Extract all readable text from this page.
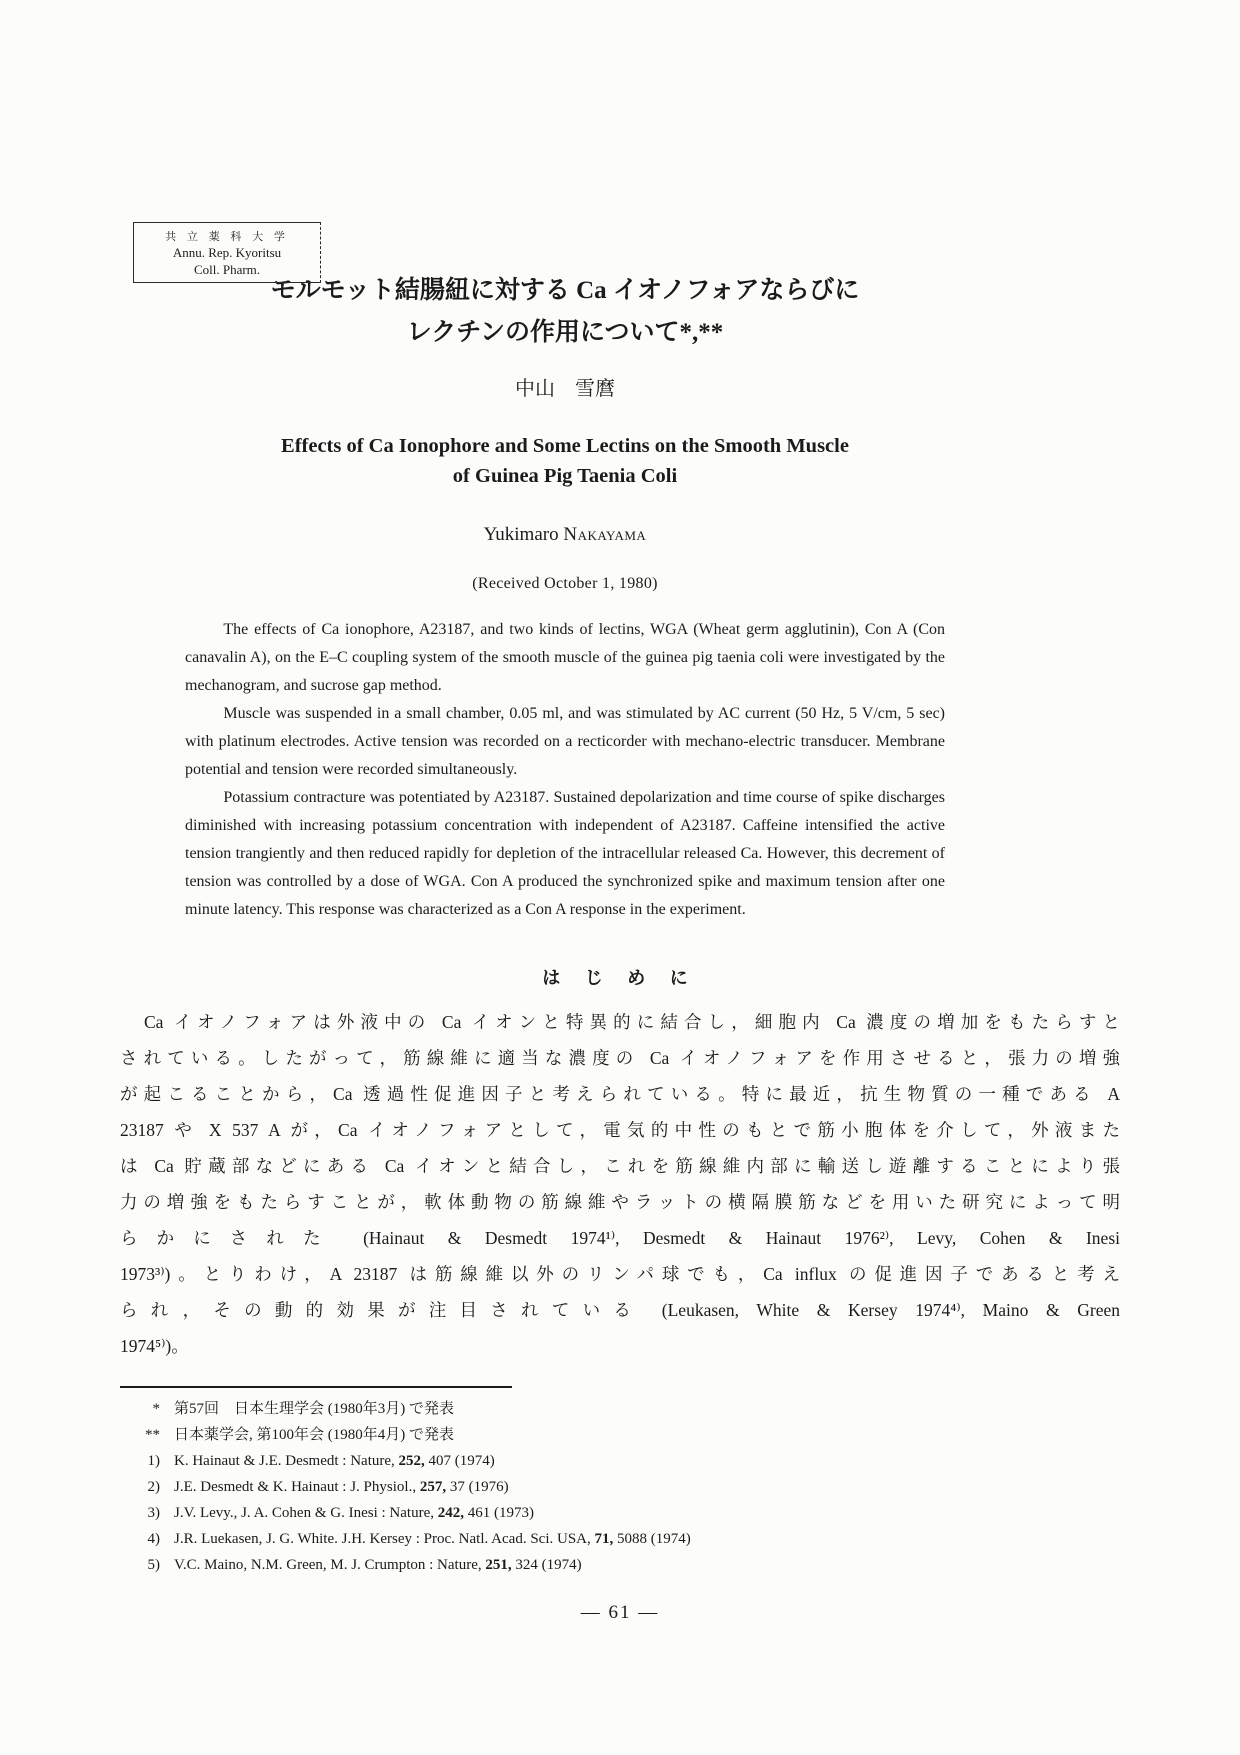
共 立 薬 科 大 学
Annu. Rep. Kyoritsu
Coll. Pharm.
モルモット結腸紐に対する Ca イオノフォアならびに
レクチンの作用について*,**
中山　雪麿
Effects of Ca Ionophore and Some Lectins on the Smooth Muscle
of Guinea Pig Taenia Coli
Yukimaro Nakayama
(Received October 1, 1980)

The effects of Ca ionophore, A23187, and two kinds of lectins, WGA (Wheat germ agglutinin), Con A (Con canavalin A), on the E–C coupling system of the smooth muscle of the guinea pig taenia coli were investigated by the mechanogram, and sucrose gap method.

Muscle was suspended in a small chamber, 0.05 ml, and was stimulated by AC current (50 Hz, 5 V/cm, 5 sec) with platinum electrodes. Active tension was recorded on a recticorder with mechano-electric transducer. Membrane potential and tension were recorded simultaneously.

Potassium contracture was potentiated by A23187. Sustained depolarization and time course of spike discharges diminished with increasing potassium concentration with independent of A23187. Caffeine intensified the active tension trangiently and then reduced rapidly for depletion of the intracellular released Ca. However, this decrement of tension was controlled by a dose of WGA. Con A produced the synchronized spike and maximum tension after one minute latency. This response was characterized as a Con A response in the experiment.

は じ め に
Ca イオノフォアは外液中の Ca イオンと特異的に結合し，細胞内 Ca 濃度の増加をもたらすと
されている。したがって，筋線維に適当な濃度の Ca イオノフォアを作用させると，張力の増強
が起こることから，Ca 透過性促進因子と考えられている。特に最近，抗生物質の一種である A
23187 や X 537 A が，Ca イオノフォアとして，電気的中性のもとで筋小胞体を介して，外液また
は Ca 貯蔵部などにある Ca イオンと結合し，これを筋線維内部に輸送し遊離することにより張
力の増強をもたらすことが，軟体動物の筋線維やラットの横隔膜筋などを用いた研究によって明
らかにされた (Hainaut & Desmedt 1974¹⁾, Desmedt & Hainaut 1976²⁾, Levy, Cohen & Inesi
1973³⁾)。とりわけ，A 23187 は筋線維以外のリンパ球でも，Ca influx の促進因子であると考え
られ，その動的効果が注目されている (Leukasen, White & Kersey 1974⁴⁾, Maino & Green
1974⁵⁾)。
* 第57回　日本生理学会 (1980年3月) で発表
** 日本薬学会, 第100年会 (1980年4月) で発表
1) K. Hainaut & J.E. Desmedt : Nature, 252, 407 (1974)
2) J.E. Desmedt & K. Hainaut : J. Physiol., 257, 37 (1976)
3) J.V. Levy., J. A. Cohen & G. Inesi : Nature, 242, 461 (1973)
4) J.R. Luekasen, J. G. White. J.H. Kersey : Proc. Natl. Acad. Sci. USA, 71, 5088 (1974)
5) V.C. Maino, N.M. Green, M. J. Crumpton : Nature, 251, 324 (1974)
— 61 —
